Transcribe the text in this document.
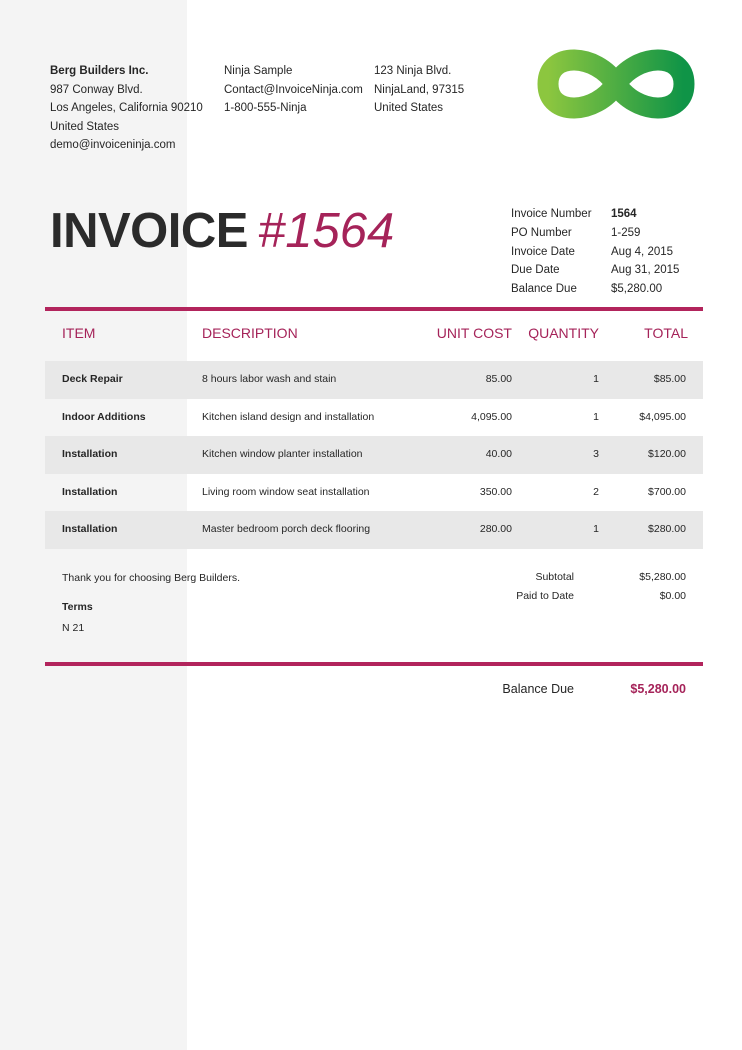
Berg Builders Inc.
987 Conway Blvd.
Los Angeles, California 90210
United States
demo@invoiceninja.com
Ninja Sample
Contact@InvoiceNinja.com
1-800-555-Ninja
123 Ninja Blvd.
NinjaLand, 97315
United States
INVOICE #1564	Invoice Number	1564
PO Number	1-259
Invoice Date	Aug 4, 2015
Due Date	Aug 31, 2015
Balance Due	$5,280.00
ITEM	DESCRIPTION	UNIT COST QUANTITY	TOTAL
Deck Repair	8 hours labor wash and stain	85.00	1	$85.00
Indoor Additions	Kitchen island design and installation	4,095.00	1	$4,095.00
Installation	Kitchen window planter installation	40.00	3	$120.00
Installation	Living room window seat installation	350.00	2	$700.00
Installation	Master bedroom porch deck flooring	280.00	1	$280.00
Thank you for choosing Berg Builders.
Terms
N 21
Subtotal	$5,280.00
Paid to Date	$0.00
Balance Due	$5,280.00
